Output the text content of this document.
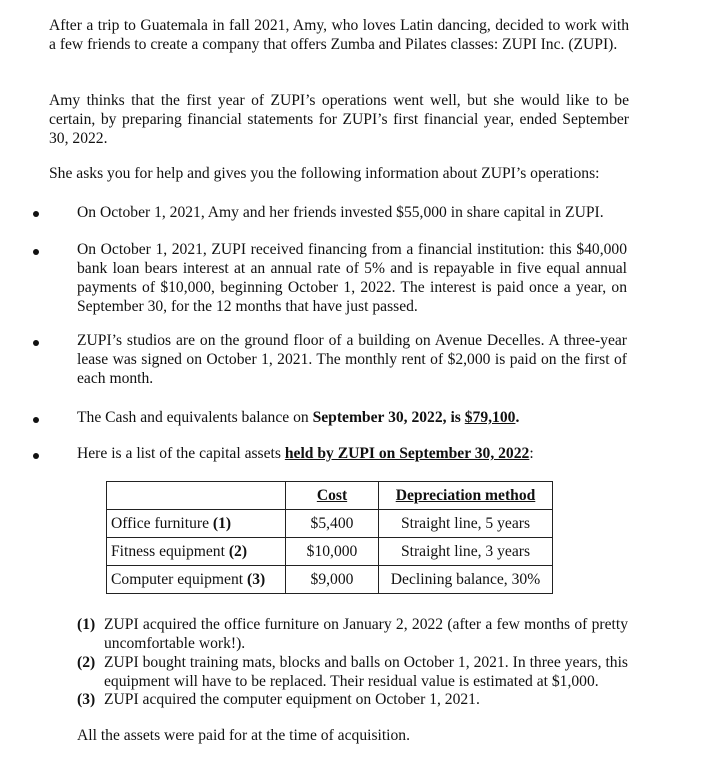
After a trip to Guatemala in fall 2021, Amy, who loves Latin dancing, decided to work with a few friends to create a company that offers Zumba and Pilates classes: ZUPI Inc. (ZUPI).

Amy thinks that the first year of ZUPI’s operations went well, but she would like to be certain, by preparing financial statements for ZUPI’s first financial year, ended September 30, 2022.

She asks you for help and gives you the following information about ZUPI’s operations:

On October 1, 2021, Amy and her friends invested $55,000 in share capital in ZUPI.

On October 1, 2021, ZUPI received financing from a financial institution: this $40,000 bank loan bears interest at an annual rate of 5% and is repayable in five equal annual payments of $10,000, beginning October 1, 2022. The interest is paid once a year, on September 30, for the 12 months that have just passed.

ZUPI’s studios are on the ground floor of a building on Avenue Decelles. A three-year lease was signed on October 1, 2021. The monthly rent of $2,000 is paid on the first of each month.

The Cash and equivalents balance on September 30, 2022, is $79,100.

Here is a list of the capital assets held by ZUPI on September 30, 2022:

	Cost	Depreciation method
Office furniture (1)	$5,400	Straight line, 5 years
Fitness equipment (2)	$10,000	Straight line, 3 years
Computer equipment (3)	$9,000	Declining balance, 30%
(1) ZUPI acquired the office furniture on January 2, 2022 (after a few months of pretty uncomfortable work!).

(2) ZUPI bought training mats, blocks and balls on October 1, 2021. In three years, this equipment will have to be replaced. Their residual value is estimated at $1,000.

(3) ZUPI acquired the computer equipment on October 1, 2021.

All the assets were paid for at the time of acquisition.
